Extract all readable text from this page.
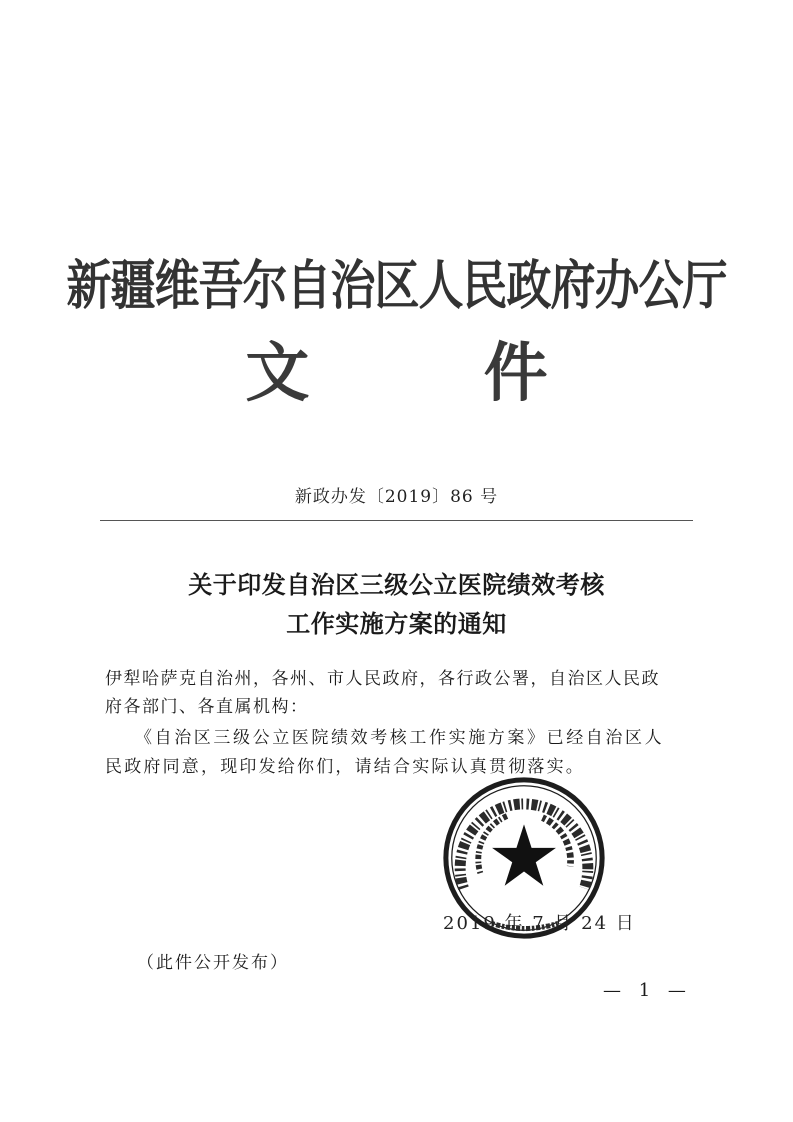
新疆维吾尔自治区人民政府办公厅
文 件
新政办发〔2019〕86 号
关于印发自治区三级公立医院绩效考核
工作实施方案的通知
伊犁哈萨克自治州，各州、市人民政府，各行政公署，自治区人民政
府各部门、各直属机构：
《自治区三级公立医院绩效考核工作实施方案》已经自治区人
民政府同意，现印发给你们，请结合实际认真贯彻落实。
2019 年 7 月 24 日
（此件公开发布）
— 1 —
